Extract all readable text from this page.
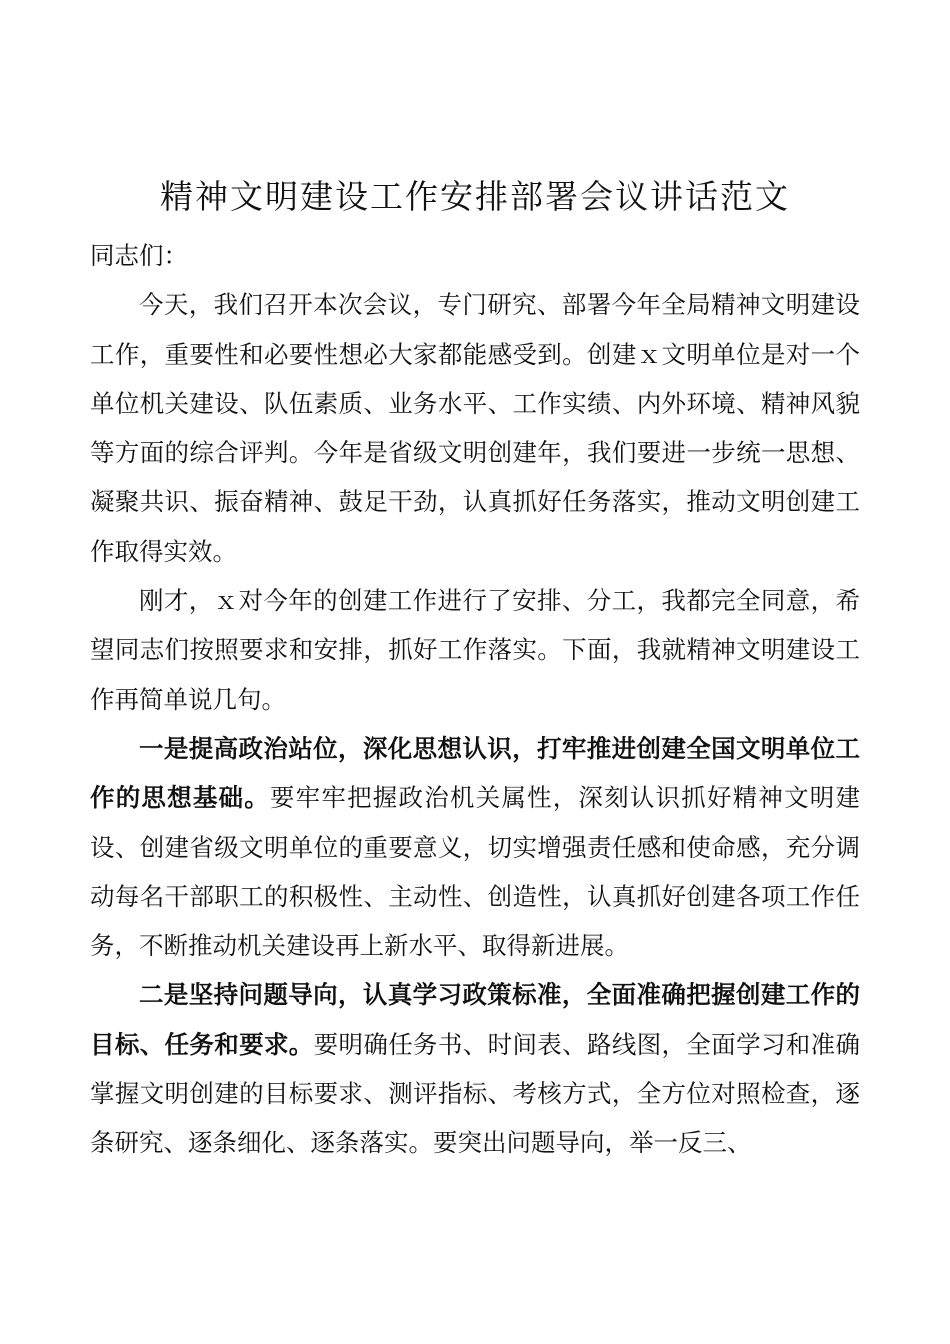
精神文明建设工作安排部署会议讲话范文

同志们：

今天，我们召开本次会议，专门研究、部署今年全局精神文明建设工作，重要性和必要性想必大家都能感受到。创建ｘ文明单位是对一个单位机关建设、队伍素质、业务水平、工作实绩、内外环境、精神风貌等方面的综合评判。今年是省级文明创建年，我们要进一步统一思想、凝聚共识、振奋精神、鼓足干劲，认真抓好任务落实，推动文明创建工作取得实效。

刚才，ｘ对今年的创建工作进行了安排、分工，我都完全同意，希望同志们按照要求和安排，抓好工作落实。下面，我就精神文明建设工作再简单说几句。

一是提高政治站位，深化思想认识，打牢推进创建全国文明单位工作的思想基础。要牢牢把握政治机关属性，深刻认识抓好精神文明建设、创建省级文明单位的重要意义，切实增强责任感和使命感，充分调动每名干部职工的积极性、主动性、创造性，认真抓好创建各项工作任务，不断推动机关建设再上新水平、取得新进展。

二是坚持问题导向，认真学习政策标准，全面准确把握创建工作的目标、任务和要求。要明确任务书、时间表、路线图，全面学习和准确掌握文明创建的目标要求、测评指标、考核方式，全方位对照检查，逐条研究、逐条细化、逐条落实。要突出问题导向，举一反三、
